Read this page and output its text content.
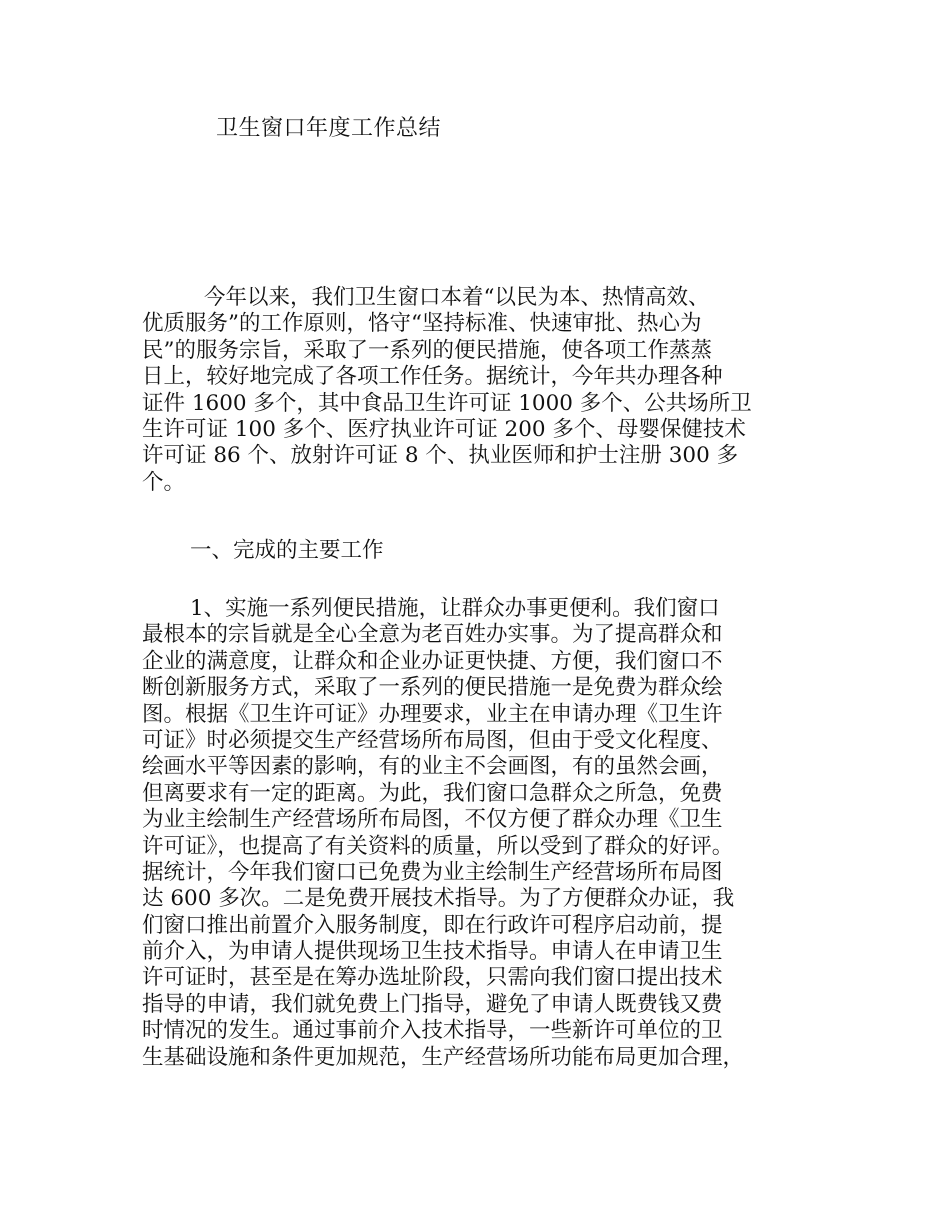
卫生窗口年度工作总结
今年以来，我们卫生窗口本着“以民为本、热情高效、
优质服务”的工作原则，恪守“坚持标准、快速审批、热心为
民”的服务宗旨，采取了一系列的便民措施，使各项工作蒸蒸
日上，较好地完成了各项工作任务。据统计，今年共办理各种
证件 1600 多个，其中食品卫生许可证 1000 多个、公共场所卫
生许可证 100 多个、医疗执业许可证 200 多个、母婴保健技术
许可证 86 个、放射许可证 8 个、执业医师和护士注册 300 多
个。
一、完成的主要工作
1、实施一系列便民措施，让群众办事更便利。我们窗口
最根本的宗旨就是全心全意为老百姓办实事。为了提高群众和
企业的满意度，让群众和企业办证更快捷、方便，我们窗口不
断创新服务方式，采取了一系列的便民措施一是免费为群众绘
图。根据《卫生许可证》办理要求，业主在申请办理《卫生许
可证》时必须提交生产经营场所布局图，但由于受文化程度、
绘画水平等因素的影响，有的业主不会画图，有的虽然会画，
但离要求有一定的距离。为此，我们窗口急群众之所急，免费
为业主绘制生产经营场所布局图，不仅方便了群众办理《卫生
许可证》，也提高了有关资料的质量，所以受到了群众的好评。
据统计，今年我们窗口已免费为业主绘制生产经营场所布局图
达 600 多次。二是免费开展技术指导。为了方便群众办证，我
们窗口推出前置介入服务制度，即在行政许可程序启动前，提
前介入，为申请人提供现场卫生技术指导。申请人在申请卫生
许可证时，甚至是在筹办选址阶段，只需向我们窗口提出技术
指导的申请，我们就免费上门指导，避免了申请人既费钱又费
时情况的发生。通过事前介入技术指导，一些新许可单位的卫
生基础设施和条件更加规范，生产经营场所功能布局更加合理，
